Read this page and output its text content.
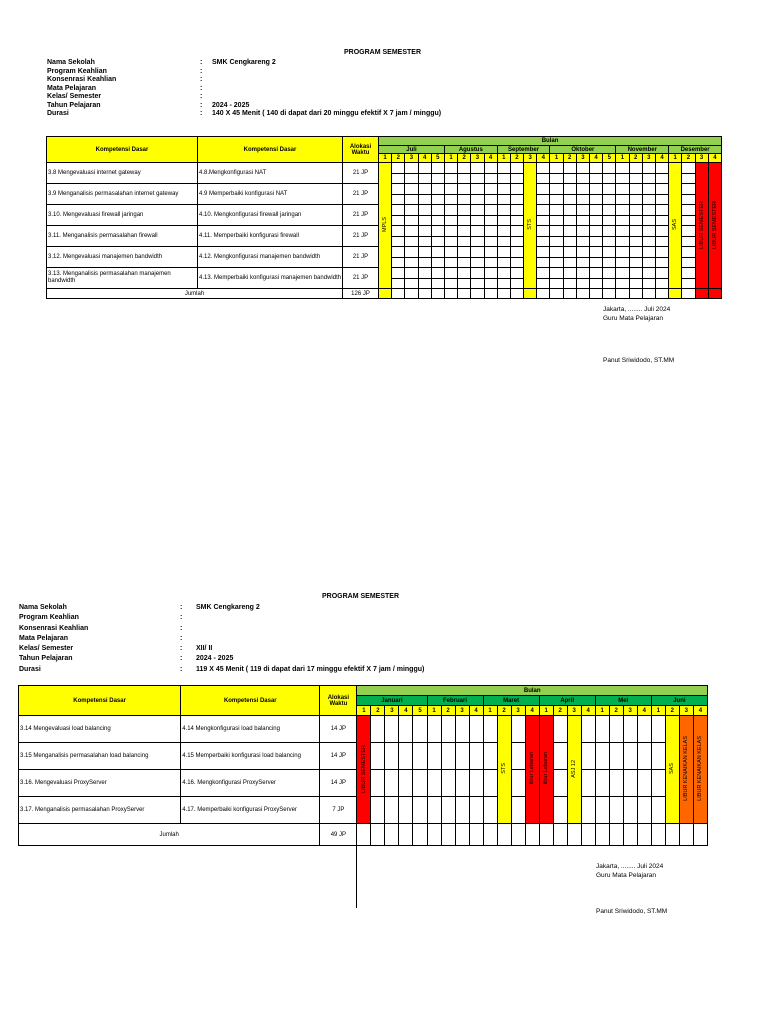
PROGRAM SEMESTER
Nama Sekolah	:	SMK Cengkareng 2
Program Keahlian	:
Konsenrasi Keahlian	:
Mata Pelajaran	:
Kelas/ Semester	:
Tahun Pelajaran	:	2024 - 2025
Durasi	:	140 X 45 Menit ( 140 di dapat dari 20 minggu efektif X 7 jam / minggu)
Kompetensi Dasar	Kompetensi Dasar	Alokasi Waktu	Bulan																									
			Juli					Agustus				September				Oktober					November				Desember			
			1	2	3	4	5	1	2	3	4	1	2	3	4	1	2	3	4	5	1	2	3	4	1	2	3	4
3.8 Mengevaluasi internet gateway	4.8.Mengkonfigurasi NAT	21 JP	MPLS											STS											SAS		LIBUR SEMESTER	LIBUR SEMESTER

3.9 Menganalisis permasalahan internet gateway	4.9 Memperbaiki konfigurasi NAT	21 JP																										

3.10. Mengevaluasi firewall jaringan	4.10. Mengkonfigurasi firewall jaringan	21 JP																										

3.11. Menganalisis permasalahan firewall	4.11. Memperbaiki konfigurasi firewall	21 JP																										

3.12. Mengevaluasi manajemen bandwidth	4.12. Mengkonfigurasi manajemen bandwidth	21 JP																										

3.13. Menganalisis permasalahan manajemen bandwidth	4.13. Memperbaiki konfigurasi manajemen bandwidth	21 JP																										

Jumlah		126 JP																										
Jakarta, ........ Juli 2024
Guru Mata Pelajaran
Panut Sriwidodo, ST.MM
PROGRAM SEMESTER
Nama Sekolah	:	SMK Cengkareng 2
Program Keahlian	:
Konsenrasi Keahlian	:
Mata Pelajaran	:
Kelas/ Semester	:	XII/ II
Tahun Pelajaran	:	2024 - 2025
Durasi	:	119 X 45 Menit ( 119 di dapat dari 17 minggu efektif X 7 jam / minggu)
Kompetensi Dasar	Kompetensi Dasar	Alokasi Waktu	Bulan																								
			Januari					Februari				Maret				April				Mei				Juni			
			1	2	3	4	5	1	2	3	4	1	2	3	4	1	2	3	4	1	2	3	4	1	2	3	4
3.14 Mengevaluasi load balancing	4.14 Mengkonfigurasi load balancing	14 JP	LIBUR SEMESTER										STS		libur Lebaran	libur Lebaran		ASJ 12							SAS	LIBUR KENAIKAN KELAS	LIBUR KENAIKAN KELAS
3.15 Menganalisis permasalahan load balancing	4.15 Memperbaiki konfigurasi load balancing	14 JP																									
3.16. Mengevaluasi ProxyServer	4.16. Mengkonfigurasi ProxyServer	14 JP																									
3.17. Menganalisis permasalahan ProxyServer	4.17. Memperbaiki konfigurasi ProxyServer	7 JP																									
Jumlah		49 JP																									

Jakarta, ........ Juli 2024
Guru Mata Pelajaran
Panut Sriwidodo, ST.MM
